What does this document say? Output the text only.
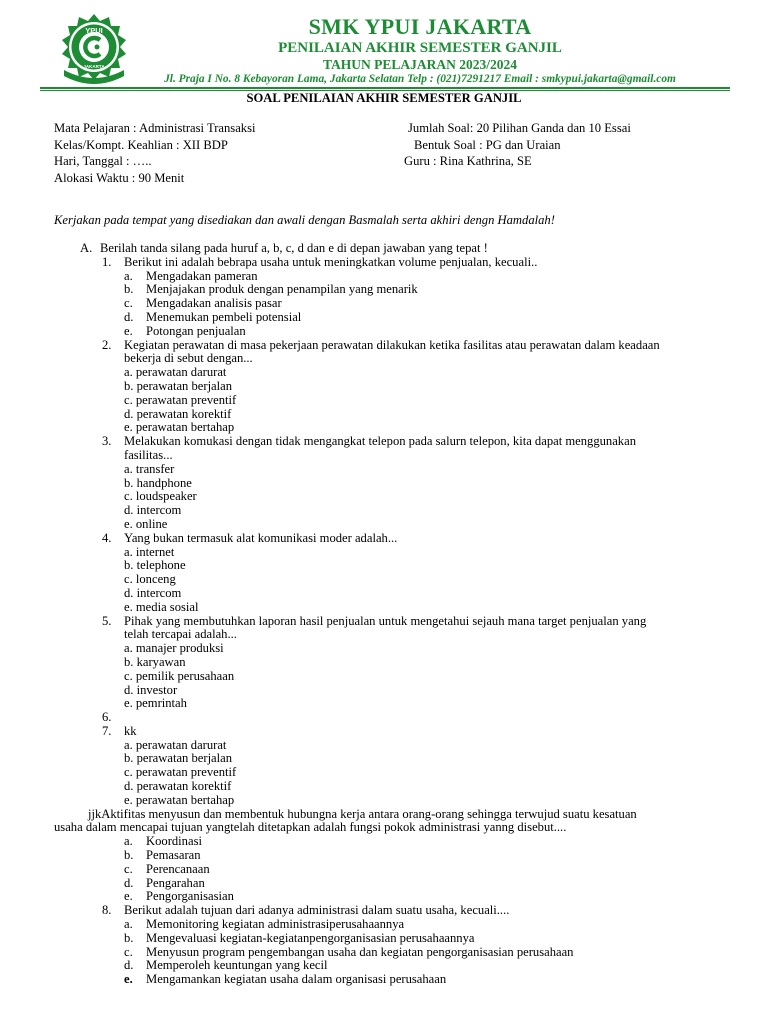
YPUI
JAKARTA
SMK YPUI JAKARTA
PENILAIAN AKHIR SEMESTER GANJIL
TAHUN PELAJARAN 2023/2024
Jl. Praja I No. 8 Kebayoran Lama, Jakarta Selatan Telp : (021)7291217 Email : smkypui.jakarta@gmail.com
SOAL PENILAIAN AKHIR SEMESTER GANJIL
Mata Pelajaran : Administrasi Transaksi	Jumlah Soal: 20 Pilihan Ganda dan 10 Essai
Kelas/Kompt. Keahlian : XII BDP	Bentuk Soal : PG dan Uraian
Hari, Tanggal : …..	Guru : Rina Kathrina, SE
Alokasi Waktu : 90 Menit
Kerjakan pada tempat yang disediakan dan awali dengan Basmalah serta akhiri dengn Hamdalah!
A. Berilah tanda silang pada huruf a, b, c, d dan e di depan jawaban yang tepat !
1. Berikut ini adalah bebrapa usaha untuk meningkatkan volume penjualan, kecuali..
a. Mengadakan pameran
b. Menjajakan produk dengan penampilan yang menarik
c. Mengadakan analisis pasar
d. Menemukan pembeli potensial
e. Potongan penjualan
2. Kegiatan perawatan di masa pekerjaan perawatan dilakukan ketika fasilitas atau perawatan dalam keadaan
bekerja di sebut dengan...
a. perawatan darurat
b. perawatan berjalan
c. perawatan preventif
d. perawatan korektif
e. perawatan bertahap
3. Melakukan komukasi dengan tidak mengangkat telepon pada salurn telepon, kita dapat menggunakan
fasilitas...
a. transfer
b. handphone
c. loudspeaker
d. intercom
e. online
4. Yang bukan termasuk alat komunikasi moder adalah...
a. internet
b. telephone
c. lonceng
d. intercom
e. media sosial
5. Pihak yang membutuhkan laporan hasil penjualan untuk mengetahui sejauh mana target penjualan yang
telah tercapai adalah...
a. manajer produksi
b. karyawan
c. pemilik perusahaan
d. investor
e. pemrintah
6.
7. kk
a. perawatan darurat
b. perawatan berjalan
c. perawatan preventif
d. perawatan korektif
e. perawatan bertahap
jjkAktifitas menyusun dan membentuk hubungna kerja antara orang-orang sehingga terwujud suatu kesatuan
usaha dalam mencapai tujuan yangtelah ditetapkan adalah fungsi pokok administrasi yanng disebut....
a. Koordinasi
b. Pemasaran
c. Perencanaan
d. Pengarahan
e. Pengorganisasian
8. Berikut adalah tujuan dari adanya administrasi dalam suatu usaha, kecuali....
a. Memonitoring kegiatan administrasiperusahaannya
b. Mengevaluasi kegiatan-kegiatanpengorganisasian perusahaannya
c. Menyusun program pengembangan usaha dan kegiatan pengorganisasian perusahaan
d. Memperoleh keuntungan yang kecil
e. Mengamankan kegiatan usaha dalam organisasi perusahaan
